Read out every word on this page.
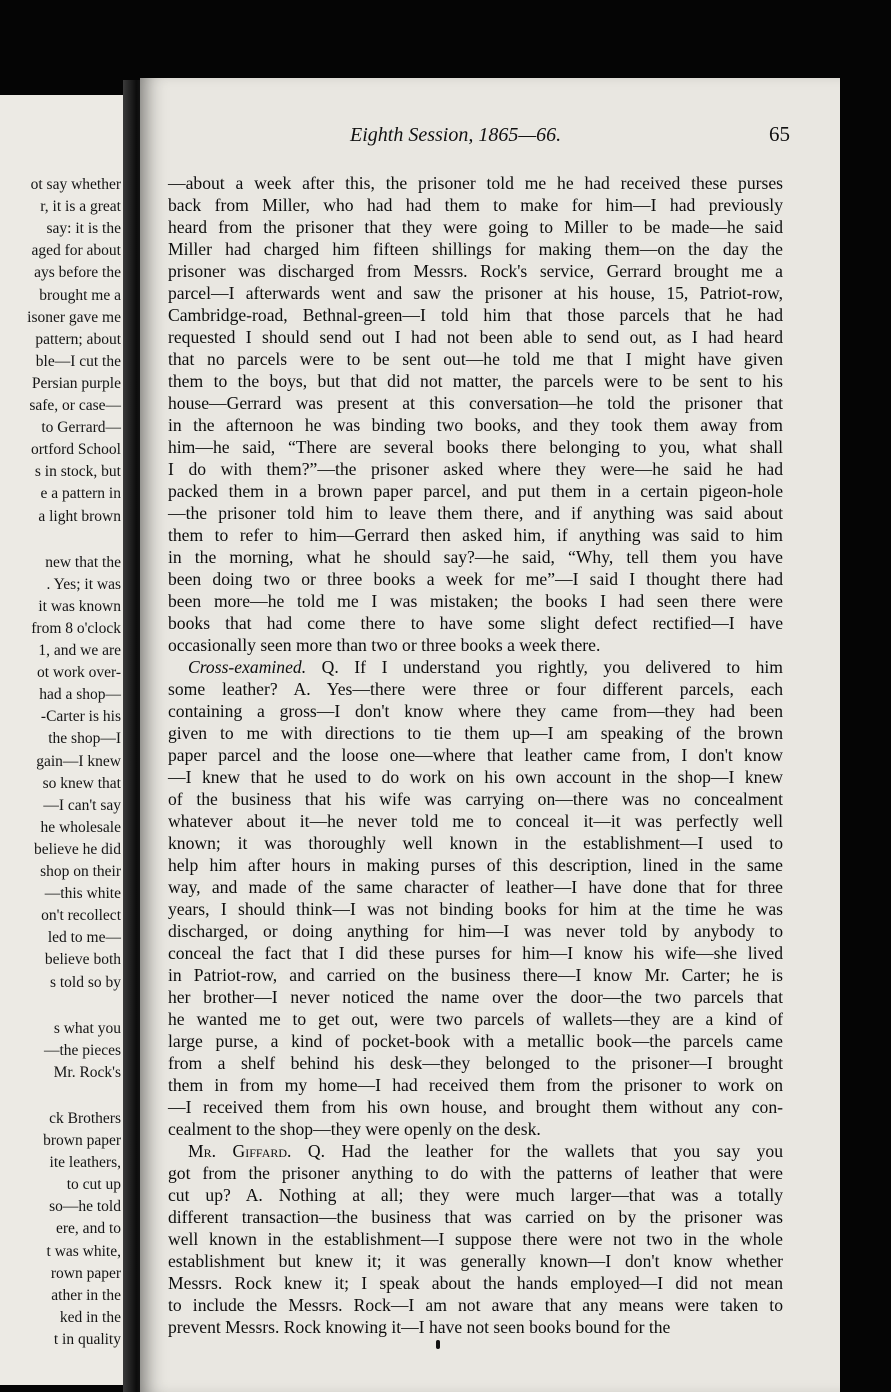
ot say whether
r, it is a great
say: it is the
aged for about
ays before the
brought me a
isoner gave me
pattern; about
ble—I cut the
Persian purple
safe, or case—
to Gerrard—
ortford School
s in stock, but
e a pattern in
a light brown
new that the
. Yes; it was
it was known
from 8 o'clock
1, and we are
ot work over-
had a shop—
-Carter is his
the shop—I
gain—I knew
so knew that
—I can't say
he wholesale
believe he did
shop on their
—this white
on't recollect
led to me—
believe both
s told so by
s what you
—the pieces
Mr. Rock's
ck Brothers
brown paper
ite leathers,
to cut up
so—he told
ere, and to
t was white,
rown paper
ather in the
ked in the
t in quality
Eighth Session, 1865—66.	65
—about a week after this, the prisoner told me he had received these purses
back from Miller, who had had them to make for him—I had previously
heard from the prisoner that they were going to Miller to be made—he said
Miller had charged him fifteen shillings for making them—on the day the
prisoner was discharged from Messrs. Rock's service, Gerrard brought me a
parcel—I afterwards went and saw the prisoner at his house, 15, Patriot-row,
Cambridge-road, Bethnal-green—I told him that those parcels that he had
requested I should send out I had not been able to send out, as I had heard
that no parcels were to be sent out—he told me that I might have given
them to the boys, but that did not matter, the parcels were to be sent to his
house—Gerrard was present at this conversation—he told the prisoner that
in the afternoon he was binding two books, and they took them away from
him—he said, “There are several books there belonging to you, what shall
I do with them?”—the prisoner asked where they were—he said he had
packed them in a brown paper parcel, and put them in a certain pigeon-hole
—the prisoner told him to leave them there, and if anything was said about
them to refer to him—Gerrard then asked him, if anything was said to him
in the morning, what he should say?—he said, “Why, tell them you have
been doing two or three books a week for me”—I said I thought there had
been more—he told me I was mistaken; the books I had seen there were
books that had come there to have some slight defect rectified—I have
occasionally seen more than two or three books a week there.
Cross-examined. Q. If I understand you rightly, you delivered to him
some leather? A. Yes—there were three or four different parcels, each
containing a gross—I don't know where they came from—they had been
given to me with directions to tie them up—I am speaking of the brown
paper parcel and the loose one—where that leather came from, I don't know
—I knew that he used to do work on his own account in the shop—I knew
of the business that his wife was carrying on—there was no concealment
whatever about it—he never told me to conceal it—it was perfectly well
known; it was thoroughly well known in the establishment—I used to
help him after hours in making purses of this description, lined in the same
way, and made of the same character of leather—I have done that for three
years, I should think—I was not binding books for him at the time he was
discharged, or doing anything for him—I was never told by anybody to
conceal the fact that I did these purses for him—I know his wife—she lived
in Patriot-row, and carried on the business there—I know Mr. Carter; he is
her brother—I never noticed the name over the door—the two parcels that
he wanted me to get out, were two parcels of wallets—they are a kind of
large purse, a kind of pocket-book with a metallic book—the parcels came
from a shelf behind his desk—they belonged to the prisoner—I brought
them in from my home—I had received them from the prisoner to work on
—I received them from his own house, and brought them without any con-
cealment to the shop—they were openly on the desk.
Mr. Giffard. Q. Had the leather for the wallets that you say you
got from the prisoner anything to do with the patterns of leather that were
cut up? A. Nothing at all; they were much larger—that was a totally
different transaction—the business that was carried on by the prisoner was
well known in the establishment—I suppose there were not two in the whole
establishment but knew it; it was generally known—I don't know whether
Messrs. Rock knew it; I speak about the hands employed—I did not mean
to include the Messrs. Rock—I am not aware that any means were taken to
prevent Messrs. Rock knowing it—I have not seen books bound for the
